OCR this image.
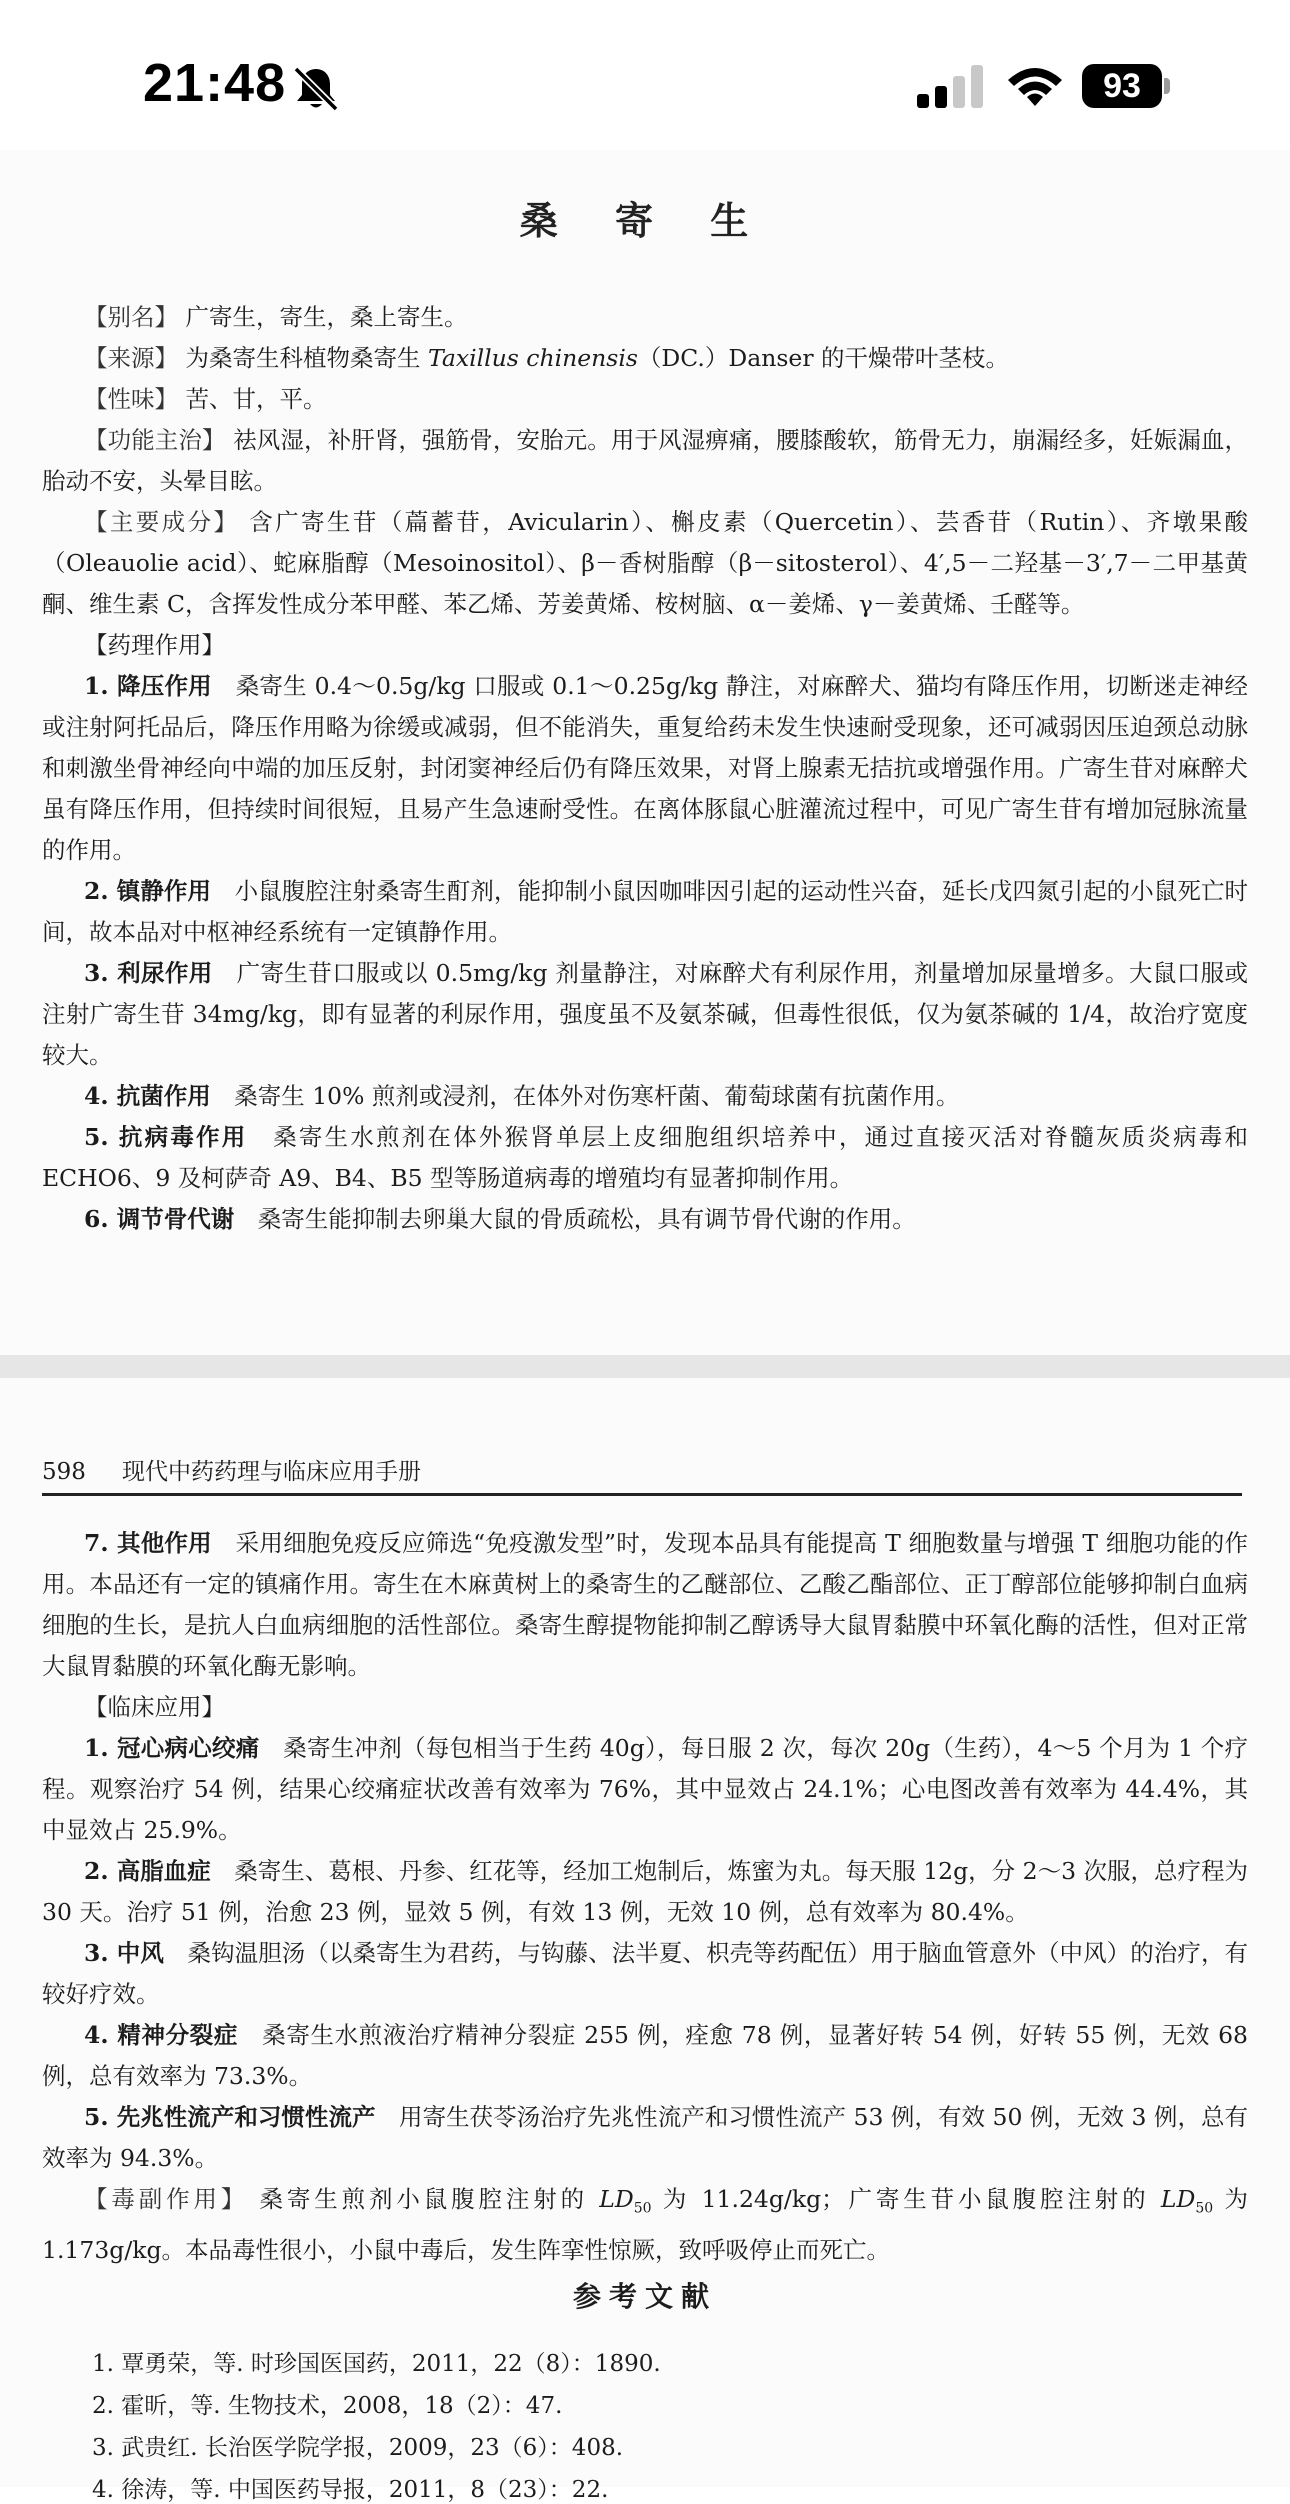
21:48	93
桑 寄 生

【别名】 广寄生，寄生，桑上寄生。

【来源】 为桑寄生科植物桑寄生 Taxillus chinensis（DC.）Danser 的干燥带叶茎枝。

【性味】 苦、甘，平。

【功能主治】 祛风湿，补肝肾，强筋骨，安胎元。用于风湿痹痛，腰膝酸软，筋骨无力，崩漏经多，妊娠漏血，胎动不安，头晕目眩。

【主要成分】 含广寄生苷（萹蓄苷，Avicularin）、槲皮素（Quercetin）、芸香苷（Rutin）、齐墩果酸（Oleauolie acid）、蛇麻脂醇（Mesoinositol）、β－香树脂醇（β－sitosterol）、4′,5－二羟基－3′,7－二甲基黄酮、维生素 C，含挥发性成分苯甲醛、苯乙烯、芳姜黄烯、桉树脑、α－姜烯、γ－姜黄烯、壬醛等。

【药理作用】

1. 降压作用　 桑寄生 0.4～0.5g/kg 口服或 0.1～0.25g/kg 静注，对麻醉犬、猫均有降压作用，切断迷走神经或注射阿托品后，降压作用略为徐缓或减弱，但不能消失，重复给药未发生快速耐受现象，还可减弱因压迫颈总动脉和刺激坐骨神经向中端的加压反射，封闭窦神经后仍有降压效果，对肾上腺素无拮抗或增强作用。广寄生苷对麻醉犬虽有降压作用，但持续时间很短，且易产生急速耐受性。在离体豚鼠心脏灌流过程中，可见广寄生苷有增加冠脉流量的作用。

2. 镇静作用　 小鼠腹腔注射桑寄生酊剂，能抑制小鼠因咖啡因引起的运动性兴奋，延长戊四氮引起的小鼠死亡时间，故本品对中枢神经系统有一定镇静作用。

3. 利尿作用　 广寄生苷口服或以 0.5mg/kg 剂量静注，对麻醉犬有利尿作用，剂量增加尿量增多。大鼠口服或注射广寄生苷 34mg/kg，即有显著的利尿作用，强度虽不及氨茶碱，但毒性很低，仅为氨茶碱的 1/4，故治疗宽度较大。

4. 抗菌作用　 桑寄生 10% 煎剂或浸剂，在体外对伤寒杆菌、葡萄球菌有抗菌作用。

5. 抗病毒作用　 桑寄生水煎剂在体外猴肾单层上皮细胞组织培养中，通过直接灭活对脊髓灰质炎病毒和 ECHO6、9 及柯萨奇 A9、B4、B5 型等肠道病毒的增殖均有显著抑制作用。

6. 调节骨代谢　 桑寄生能抑制去卵巢大鼠的骨质疏松，具有调节骨代谢的作用。

598 现代中药药理与临床应用手册

7. 其他作用　 采用细胞免疫反应筛选“免疫激发型”时，发现本品具有能提高 T 细胞数量与增强 T 细胞功能的作用。本品还有一定的镇痛作用。寄生在木麻黄树上的桑寄生的乙醚部位、乙酸乙酯部位、正丁醇部位能够抑制白血病细胞的生长，是抗人白血病细胞的活性部位。桑寄生醇提物能抑制乙醇诱导大鼠胃黏膜中环氧化酶的活性，但对正常大鼠胃黏膜的环氧化酶无影响。

【临床应用】

1. 冠心病心绞痛　 桑寄生冲剂（每包相当于生药 40g），每日服 2 次，每次 20g（生药），4～5 个月为 1 个疗程。观察治疗 54 例，结果心绞痛症状改善有效率为 76%，其中显效占 24.1%；心电图改善有效率为 44.4%，其中显效占 25.9%。

2. 高脂血症　 桑寄生、葛根、丹参、红花等，经加工炮制后，炼蜜为丸。每天服 12g，分 2～3 次服，总疗程为 30 天。治疗 51 例，治愈 23 例，显效 5 例，有效 13 例，无效 10 例，总有效率为 80.4%。

3. 中风　 桑钩温胆汤（以桑寄生为君药，与钩藤、法半夏、枳壳等药配伍）用于脑血管意外（中风）的治疗，有较好疗效。

4. 精神分裂症　 桑寄生水煎液治疗精神分裂症 255 例，痊愈 78 例，显著好转 54 例，好转 55 例，无效 68 例，总有效率为 73.3%。

5. 先兆性流产和习惯性流产　 用寄生茯苓汤治疗先兆性流产和习惯性流产 53 例，有效 50 例，无效 3 例，总有效率为 94.3%。

【毒副作用】 桑寄生煎剂小鼠腹腔注射的 $LD_{50}$ 为 11.24g/kg；广寄生苷小鼠腹腔注射的 $LD_{50}$ 为 1.173g/kg。本品毒性很小，小鼠中毒后，发生阵挛性惊厥，致呼吸停止而死亡。

参考文献
1. 覃勇荣，等. 时珍国医国药，2011，22（8）：1890.
2. 霍昕，等. 生物技术，2008，18（2）：47.
3. 武贵红. 长治医学院学报，2009，23（6）：408.
4. 徐涛，等. 中国医药导报，2011，8（23）：22.
